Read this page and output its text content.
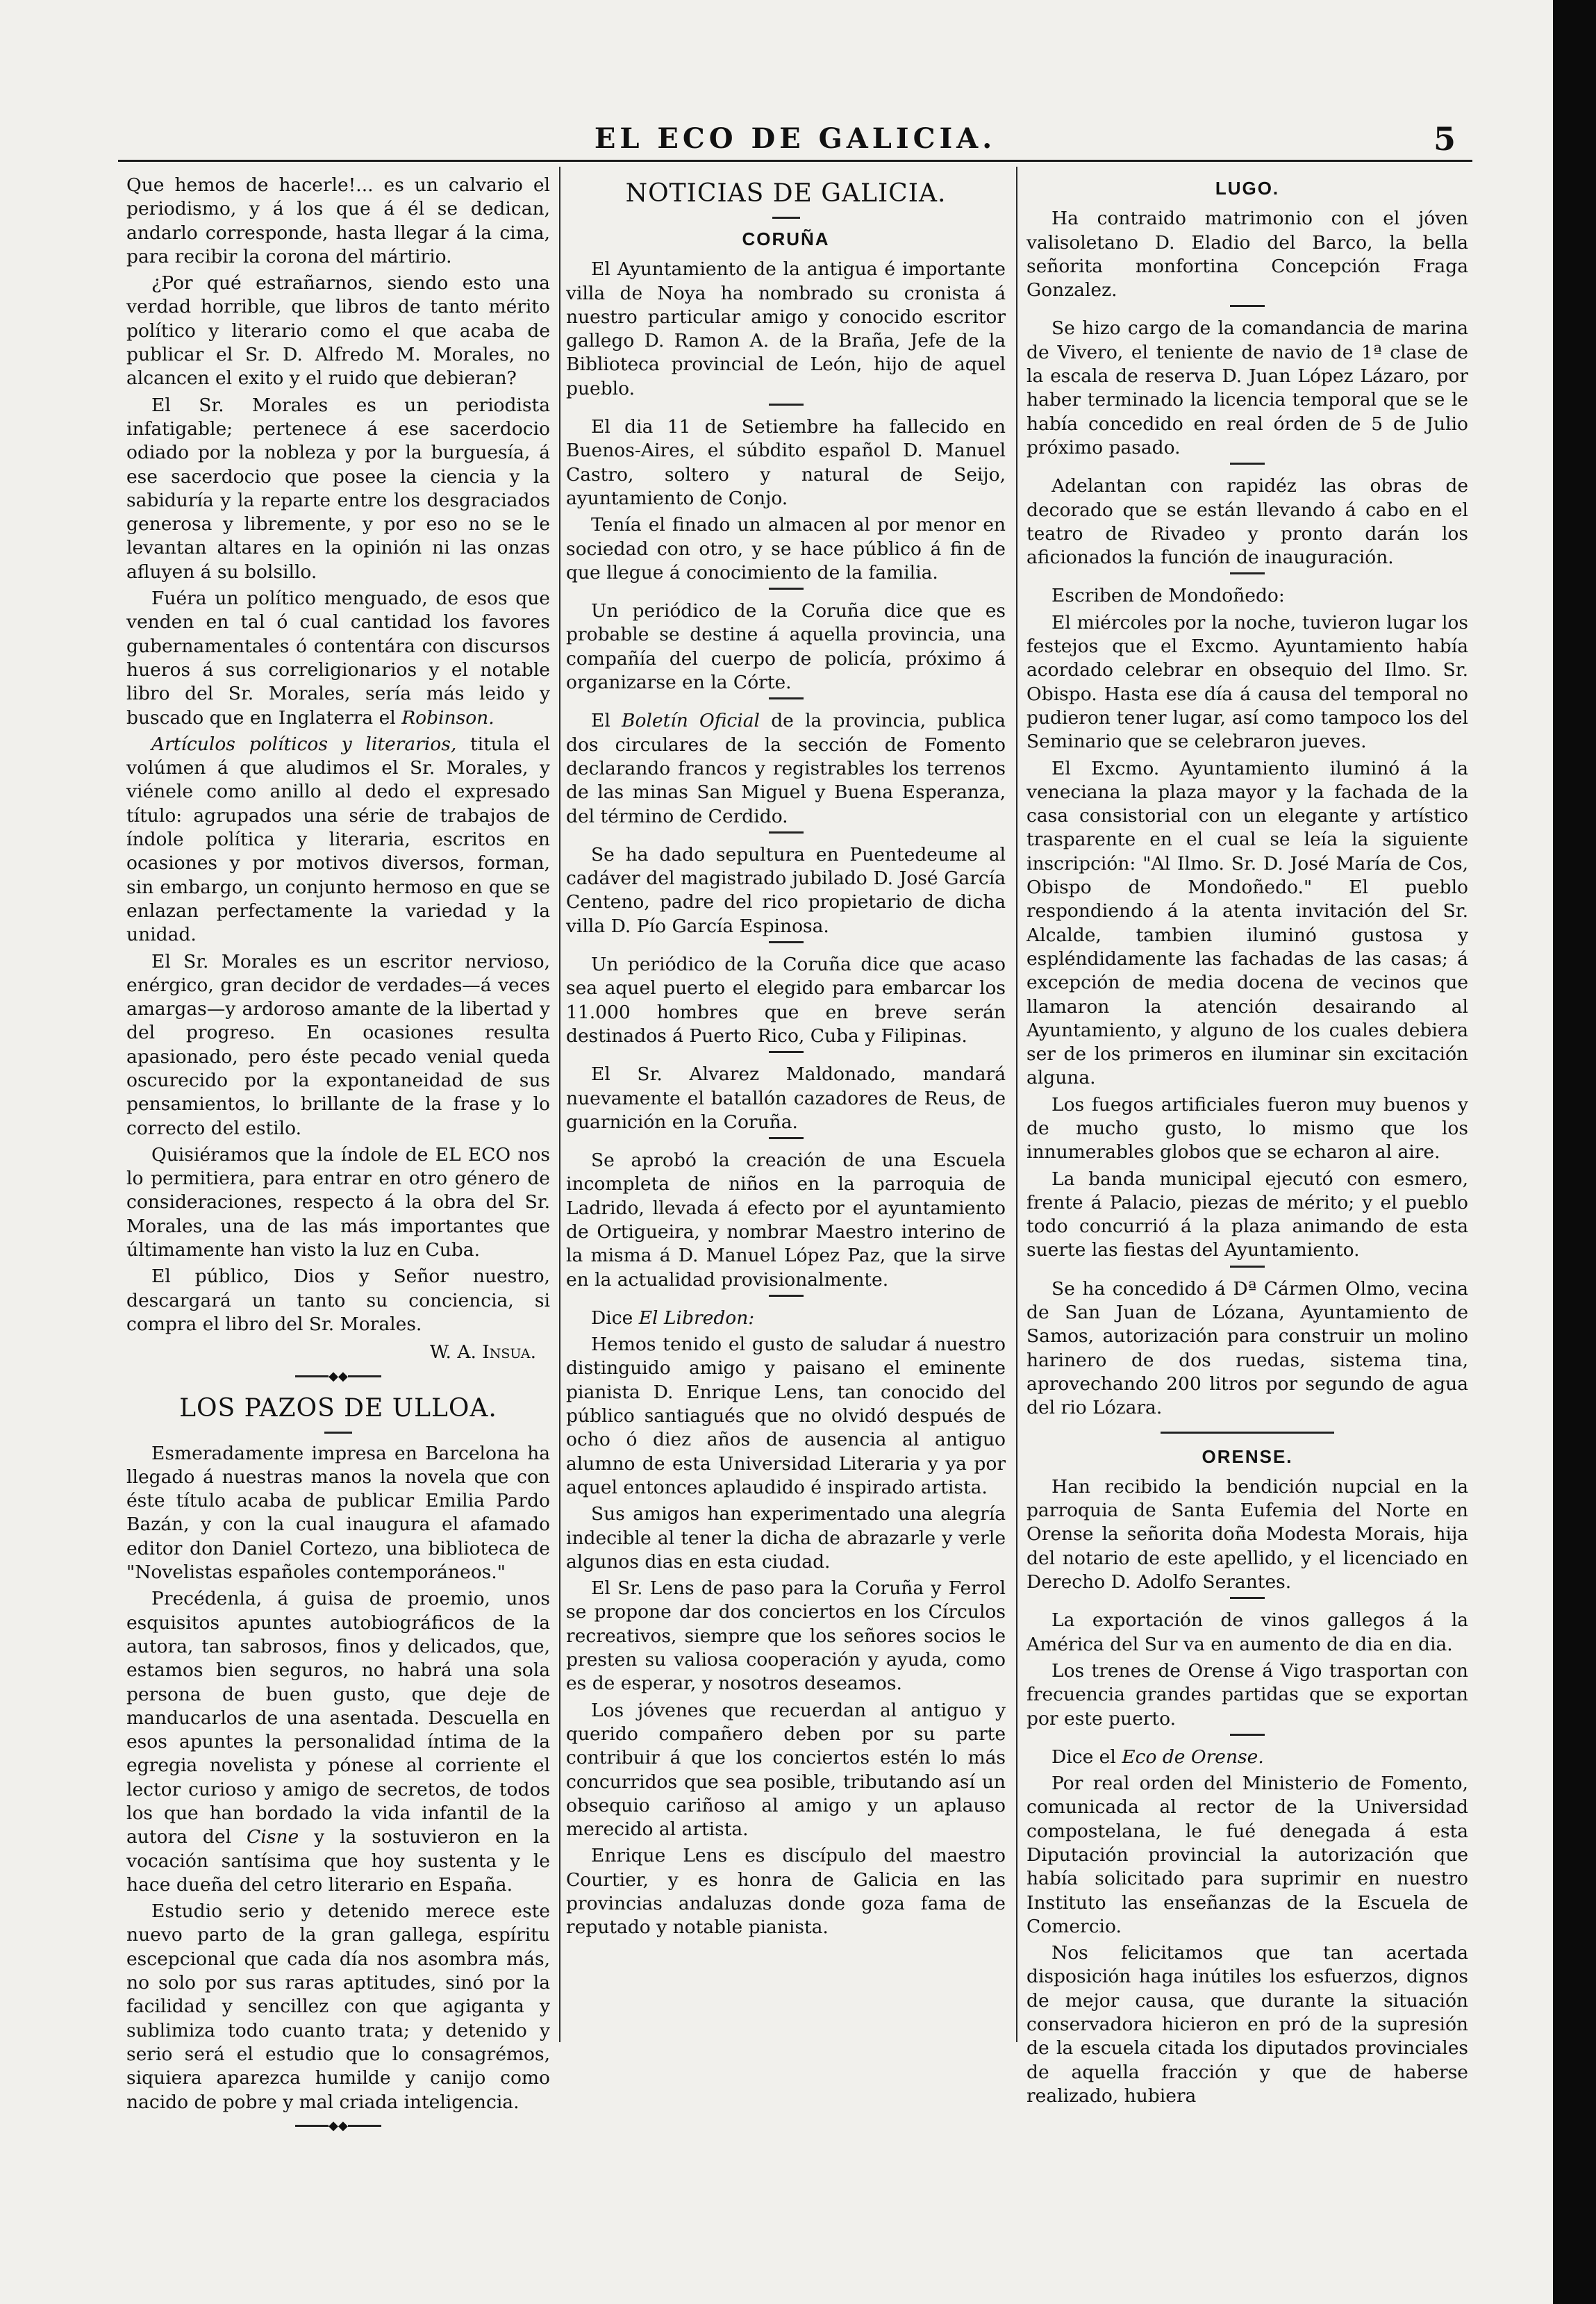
EL ECO DE GALICIA.	5

Que hemos de hacerle!... es un calvario el periodismo, y á los que á él se dedican, andarlo corresponde, hasta llegar á la cima, para recibir la corona del mártirio.

¿Por qué estrañarnos, siendo esto una verdad horrible, que libros de tanto mérito político y literario como el que acaba de publicar el Sr. D. Alfredo M. Morales, no alcancen el exito y el ruido que debieran?

El Sr. Morales es un periodista infatigable; pertenece á ese sacerdocio odiado por la nobleza y por la burguesía, á ese sacerdocio que posee la ciencia y la sabiduría y la reparte entre los desgraciados generosa y libremente, y por eso no se le levantan altares en la opinión ni las onzas afluyen á su bolsillo.

Fuéra un político menguado, de esos que venden en tal ó cual cantidad los favores gubernamentales ó contentára con discursos hueros á sus correligionarios y el notable libro del Sr. Morales, sería más leido y buscado que en Inglaterra el Robinson.

Artículos políticos y literarios, titula el volúmen á que aludimos el Sr. Morales, y viénele como anillo al dedo el expresado título: agrupados una série de trabajos de índole política y literaria, escritos en ocasiones y por motivos diversos, forman, sin embargo, un conjunto hermoso en que se enlazan perfectamente la variedad y la unidad.

El Sr. Morales es un escritor nervioso, enérgico, gran decidor de verdades—á veces amargas—y ardoroso amante de la libertad y del progreso. En ocasiones resulta apasionado, pero éste pecado venial queda oscurecido por la expontaneidad de sus pensamientos, lo brillante de la frase y lo correcto del estilo.

Quisiéramos que la índole de EL ECO nos lo permitiera, para entrar en otro género de consideraciones, respecto á la obra del Sr. Morales, una de las más importantes que últimamente han visto la luz en Cuba.

El público, Dios y Señor nuestro, descargará un tanto su conciencia, si compra el libro del Sr. Morales.

W. A. Insua.
◆◆
LOS PAZOS DE ULLOA.

Esmeradamente impresa en Barcelona ha llegado á nuestras manos la novela que con éste título acaba de publicar Emilia Pardo Bazán, y con la cual inaugura el afamado editor don Daniel Cortezo, una biblioteca de "Novelistas españoles contemporáneos."

Precédenla, á guisa de proemio, unos esquisitos apuntes autobiográficos de la autora, tan sabrosos, finos y delicados, que, estamos bien seguros, no habrá una sola persona de buen gusto, que deje de manducarlos de una asentada. Descuella en esos apuntes la personalidad íntima de la egregia novelista y pónese al corriente el lector curioso y amigo de secretos, de todos los que han bordado la vida infantil de la autora del Cisne y la sostuvieron en la vocación santísima que hoy sustenta y le hace dueña del cetro literario en España.

Estudio serio y detenido merece este nuevo parto de la gran gallega, espíritu escepcional que cada día nos asombra más, no solo por sus raras aptitudes, sinó por la facilidad y sencillez con que agiganta y sublimiza todo cuanto trata; y detenido y serio será el estudio que lo consagrémos, siquiera aparezca humilde y canijo como nacido de pobre y mal criada inteligencia.

◆◆
NOTICIAS DE GALICIA.
CORUÑA

El Ayuntamiento de la antigua é importante villa de Noya ha nombrado su cronista á nuestro particular amigo y conocido escritor gallego D. Ramon A. de la Braña, Jefe de la Biblioteca provincial de León, hijo de aquel pueblo.

El dia 11 de Setiembre ha fallecido en Buenos-Aires, el súbdito español D. Manuel Castro, soltero y natural de Seijo, ayuntamiento de Conjo.

Tenía el finado un almacen al por menor en sociedad con otro, y se hace público á fin de que llegue á conocimiento de la familia.

Un periódico de la Coruña dice que es probable se destine á aquella provincia, una compañía del cuerpo de policía, próximo á organizarse en la Córte.

El Boletín Oficial de la provincia, publica dos circulares de la sección de Fomento declarando francos y registrables los terrenos de las minas San Miguel y Buena Esperanza, del término de Cerdido.

Se ha dado sepultura en Puentedeume al cadáver del magistrado jubilado D. José García Centeno, padre del rico propietario de dicha villa D. Pío García Espinosa.

Un periódico de la Coruña dice que acaso sea aquel puerto el elegido para embarcar los 11.000 hombres que en breve serán destinados á Puerto Rico, Cuba y Filipinas.

El Sr. Alvarez Maldonado, mandará nuevamente el batallón cazadores de Reus, de guarnición en la Coruña.

Se aprobó la creación de una Escuela incompleta de niños en la parroquia de Ladrido, llevada á efecto por el ayuntamiento de Ortigueira, y nombrar Maestro interino de la misma á D. Manuel López Paz, que la sirve en la actualidad provisionalmente.

Dice El Libredon:

Hemos tenido el gusto de saludar á nuestro distinguido amigo y paisano el eminente pianista D. Enrique Lens, tan conocido del público santiagués que no olvidó después de ocho ó diez años de ausencia al antiguo alumno de esta Universidad Literaria y ya por aquel entonces aplaudido é inspirado artista.

Sus amigos han experimentado una alegría indecible al tener la dicha de abrazarle y verle algunos dias en esta ciudad.

El Sr. Lens de paso para la Coruña y Ferrol se propone dar dos conciertos en los Círculos recreativos, siempre que los señores socios le presten su valiosa cooperación y ayuda, como es de esperar, y nosotros deseamos.

Los jóvenes que recuerdan al antiguo y querido compañero deben por su parte contribuir á que los conciertos estén lo más concurridos que sea posible, tributando así un obsequio cariñoso al amigo y un aplauso merecido al artista.

Enrique Lens es discípulo del maestro Courtier, y es honra de Galicia en las provincias andaluzas donde goza fama de reputado y notable pianista.

LUGO.

Ha contraido matrimonio con el jóven valisoletano D. Eladio del Barco, la bella señorita monfortina Concepción Fraga Gonzalez.

Se hizo cargo de la comandancia de marina de Vivero, el teniente de navio de 1ª clase de la escala de reserva D. Juan López Lázaro, por haber terminado la licencia temporal que se le había concedido en real órden de 5 de Julio próximo pasado.

Adelantan con rapidéz las obras de decorado que se están llevando á cabo en el teatro de Rivadeo y pronto darán los aficionados la función de inauguración.

Escriben de Mondoñedo:

El miércoles por la noche, tuvieron lugar los festejos que el Excmo. Ayuntamiento había acordado celebrar en obsequio del Ilmo. Sr. Obispo. Hasta ese día á causa del temporal no pudieron tener lugar, así como tampoco los del Seminario que se celebraron jueves.

El Excmo. Ayuntamiento iluminó á la veneciana la plaza mayor y la fachada de la casa consistorial con un elegante y artístico trasparente en el cual se leía la siguiente inscripción: "Al Ilmo. Sr. D. José María de Cos, Obispo de Mondoñedo." El pueblo respondiendo á la atenta invitación del Sr. Alcalde, tambien iluminó gustosa y espléndidamente las fachadas de las casas; á excepción de media docena de vecinos que llamaron la atención desairando al Ayuntamiento, y alguno de los cuales debiera ser de los primeros en iluminar sin excitación alguna.

Los fuegos artificiales fueron muy buenos y de mucho gusto, lo mismo que los innumerables globos que se echaron al aire.

La banda municipal ejecutó con esmero, frente á Palacio, piezas de mérito; y el pueblo todo concurrió á la plaza animando de esta suerte las fiestas del Ayuntamiento.

Se ha concedido á Dª Cármen Olmo, vecina de San Juan de Lózana, Ayuntamiento de Samos, autorización para construir un molino harinero de dos ruedas, sistema tina, aprovechando 200 litros por segundo de agua del rio Lózara.

ORENSE.

Han recibido la bendición nupcial en la parroquia de Santa Eufemia del Norte en Orense la señorita doña Modesta Morais, hija del notario de este apellido, y el licenciado en Derecho D. Adolfo Serantes.

La exportación de vinos gallegos á la América del Sur va en aumento de dia en dia.

Los trenes de Orense á Vigo trasportan con frecuencia grandes partidas que se exportan por este puerto.

Dice el Eco de Orense.

Por real orden del Ministerio de Fomento, comunicada al rector de la Universidad compostelana, le fué denegada á esta Diputación provincial la autorización que había solicitado para suprimir en nuestro Instituto las enseñanzas de la Escuela de Comercio.

Nos felicitamos que tan acertada disposición haga inútiles los esfuerzos, dignos de mejor causa, que durante la situación conservadora hicieron en pró de la supresión de la escuela citada los diputados provinciales de aquella fracción y que de haberse realizado, hubiera
